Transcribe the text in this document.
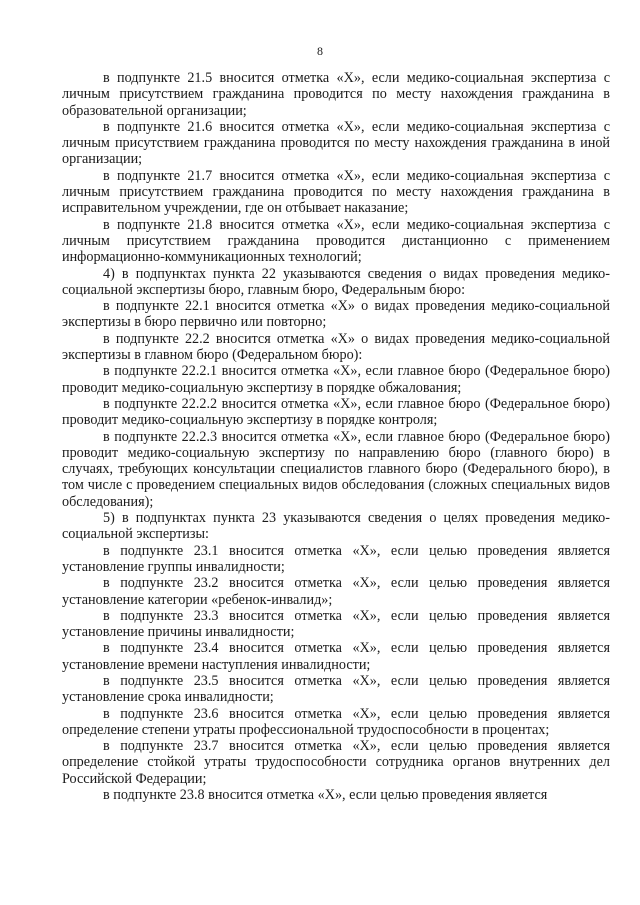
8

в подпункте 21.5 вносится отметка «Х», если медико-социальная экспертиза с личным присутствием гражданина проводится по месту нахождения гражданина в образовательной организации;

в подпункте 21.6 вносится отметка «Х», если медико-социальная экспертиза с личным присутствием гражданина проводится по месту нахождения гражданина в иной организации;

в подпункте 21.7 вносится отметка «Х», если медико-социальная экспертиза с личным присутствием гражданина проводится по месту нахождения гражданина в исправительном учреждении, где он отбывает наказание;

в подпункте 21.8 вносится отметка «Х», если медико-социальная экспертиза с личным присутствием гражданина проводится дистанционно с применением информационно-коммуникационных технологий;

4) в подпунктах пункта 22 указываются сведения о видах проведения медико-социальной экспертизы бюро, главным бюро, Федеральным бюро:

в подпункте 22.1 вносится отметка «Х» о видах проведения медико-социальной экспертизы в бюро первично или повторно;

в подпункте 22.2 вносится отметка «Х» о видах проведения медико-социальной экспертизы в главном бюро (Федеральном бюро):

в подпункте 22.2.1 вносится отметка «Х», если главное бюро (Федеральное бюро) проводит медико-социальную экспертизу в порядке обжалования;

в подпункте 22.2.2 вносится отметка «Х», если главное бюро (Федеральное бюро) проводит медико-социальную экспертизу в порядке контроля;

в подпункте 22.2.3 вносится отметка «Х», если главное бюро (Федеральное бюро) проводит медико-социальную экспертизу по направлению бюро (главного бюро) в случаях, требующих консультации специалистов главного бюро (Федерального бюро), в том числе с проведением специальных видов обследования (сложных специальных видов обследования);

5) в подпунктах пункта 23 указываются сведения о целях проведения медико-социальной экспертизы:

в подпункте 23.1 вносится отметка «Х», если целью проведения является установление группы инвалидности;

в подпункте 23.2 вносится отметка «Х», если целью проведения является установление категории «ребенок-инвалид»;

в подпункте 23.3 вносится отметка «Х», если целью проведения является установление причины инвалидности;

в подпункте 23.4 вносится отметка «Х», если целью проведения является установление времени наступления инвалидности;

в подпункте 23.5 вносится отметка «Х», если целью проведения является установление срока инвалидности;

в подпункте 23.6 вносится отметка «Х», если целью проведения является определение степени утраты профессиональной трудоспособности в процентах;

в подпункте 23.7 вносится отметка «Х», если целью проведения является определение стойкой утраты трудоспособности сотрудника органов внутренних дел Российской Федерации;

в подпункте 23.8 вносится отметка «Х», если целью проведения является
